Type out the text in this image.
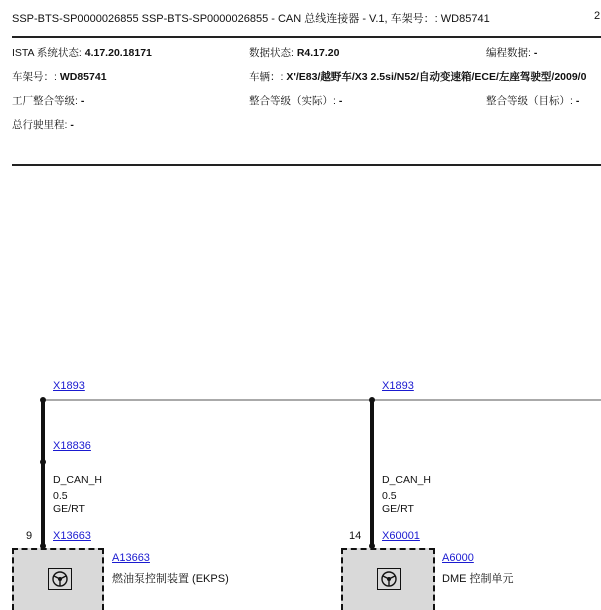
SSP-BTS-SP0000026855 SSP-BTS-SP0000026855 - CAN 总线连接器 - V.1, 车架号：: WD85741	2
ISTA 系统状态: 4.17.20.18171	数据状态: R4.17.20	编程数据: -
车架号：: WD85741	车辆：: X'/E83/越野车/X3 2.5si/N52/自动变速箱/ECE/左座驾驶型/2009/0
工厂整合等级: -	整合等级（实际）: -	整合等级（目标）: -
总行驶里程: -
X1893
X18836
D_CAN_H
0.5
GE/RT
9 X13663
A13663
燃油泵控制装置 (EKPS)
X1893
D_CAN_H
0.5
GE/RT
14 X60001
A6000
DME 控制单元
